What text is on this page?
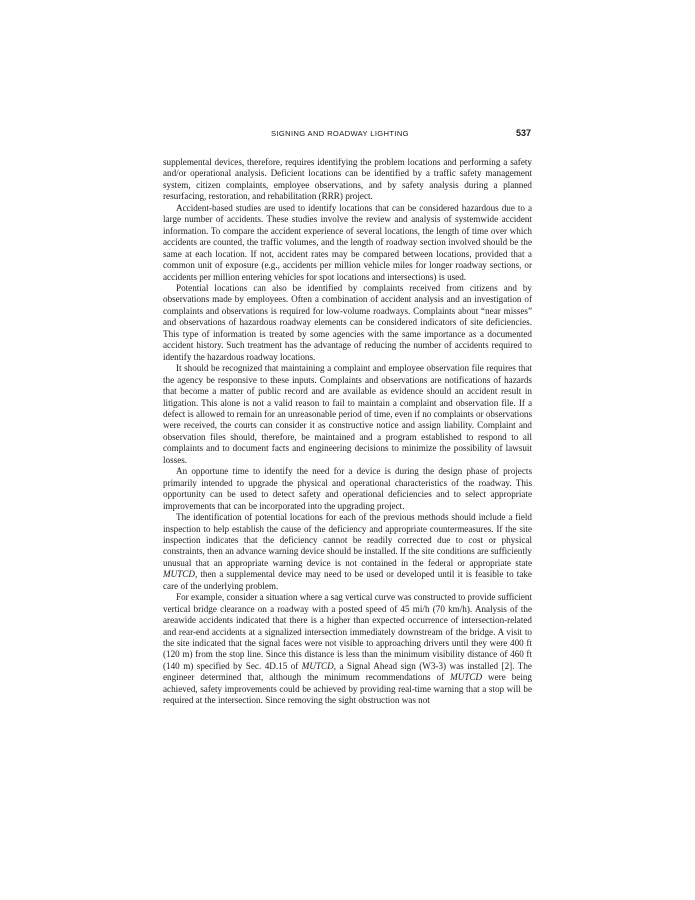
SIGNING AND ROADWAY LIGHTING	537

supplemental devices, therefore, requires identifying the problem locations and performing a safety and/or operational analysis. Deficient locations can be identified by a traffic safety management system, citizen complaints, employee observations, and by safety analysis during a planned resurfacing, restoration, and rehabilitation (RRR) project.

Accident-based studies are used to identify locations that can be considered hazardous due to a large number of accidents. These studies involve the review and analysis of systemwide accident information. To compare the accident experience of several locations, the length of time over which accidents are counted, the traffic volumes, and the length of roadway section involved should be the same at each location. If not, accident rates may be compared between locations, provided that a common unit of exposure (e.g., accidents per million vehicle miles for longer roadway sections, or accidents per million entering vehicles for spot locations and intersections) is used.

Potential locations can also be identified by complaints received from citizens and by observations made by employees. Often a combination of accident analysis and an investigation of complaints and observations is required for low-volume roadways. Complaints about “near misses” and observations of hazardous roadway elements can be considered indicators of site deficiencies. This type of information is treated by some agencies with the same importance as a documented accident history. Such treatment has the advantage of reducing the number of accidents required to identify the hazardous roadway locations.

It should be recognized that maintaining a complaint and employee observation file requires that the agency be responsive to these inputs. Complaints and observations are notifications of hazards that become a matter of public record and are available as evidence should an accident result in litigation. This alone is not a valid reason to fail to maintain a complaint and observation file. If a defect is allowed to remain for an unreasonable period of time, even if no complaints or observations were received, the courts can consider it as constructive notice and assign liability. Complaint and observation files should, therefore, be maintained and a program established to respond to all complaints and to document facts and engineering decisions to minimize the possibility of lawsuit losses.

An opportune time to identify the need for a device is during the design phase of projects primarily intended to upgrade the physical and operational characteristics of the roadway. This opportunity can be used to detect safety and operational deficiencies and to select appropriate improvements that can be incorporated into the upgrading project.

The identification of potential locations for each of the previous methods should include a field inspection to help establish the cause of the deficiency and appropriate countermeasures. If the site inspection indicates that the deficiency cannot be readily corrected due to cost or physical constraints, then an advance warning device should be installed. If the site conditions are sufficiently unusual that an appropriate warning device is not contained in the federal or appropriate state MUTCD, then a supplemental device may need to be used or developed until it is feasible to take care of the underlying problem.

For example, consider a situation where a sag vertical curve was constructed to provide sufficient vertical bridge clearance on a roadway with a posted speed of 45 mi/h (70 km/h). Analysis of the areawide accidents indicated that there is a higher than expected occurrence of intersection-related and rear-end accidents at a signalized intersection immediately downstream of the bridge. A visit to the site indicated that the signal faces were not visible to approaching drivers until they were 400 ft (120 m) from the stop line. Since this distance is less than the minimum visibility distance of 460 ft (140 m) specified by Sec. 4D.15 of MUTCD, a Signal Ahead sign (W3-3) was installed [2]. The engineer determined that, although the minimum recommendations of MUTCD were being achieved, safety improvements could be achieved by providing real-time warning that a stop will be required at the intersection. Since removing the sight obstruction was not
